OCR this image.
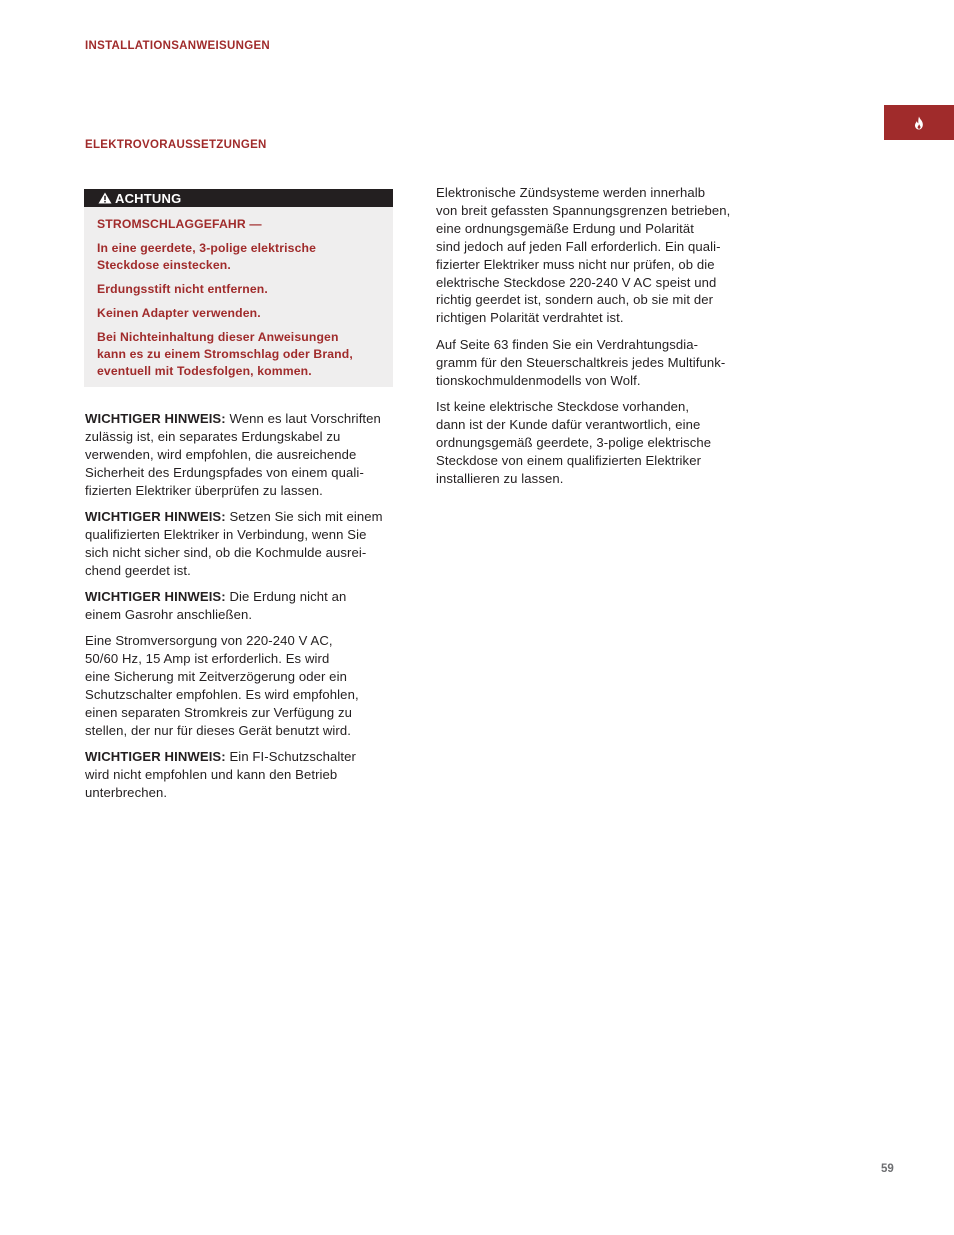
INSTALLATIONSANWEISUNGEN
ELEKTROVORAUSSETZUNGEN
ACHTUNG

STROMSCHLAGGEFAHR —

In eine geerdete, 3-polige elektrische
Steckdose einstecken.

Erdungsstift nicht entfernen.

Keinen Adapter verwenden.

Bei Nichteinhaltung dieser Anweisungen
kann es zu einem Stromschlag oder Brand,
eventuell mit Todesfolgen, kommen.

WICHTIGER HINWEIS: Wenn es laut Vorschriften
zulässig ist, ein separates Erdungskabel zu
verwenden, wird empfohlen, die ausreichende
Sicherheit des Erdungspfades von einem quali-
fizierten Elektriker überprüfen zu lassen.

WICHTIGER HINWEIS: Setzen Sie sich mit einem
qualifizierten Elektriker in Verbindung, wenn Sie
sich nicht sicher sind, ob die Kochmulde ausrei-
chend geerdet ist.

WICHTIGER HINWEIS: Die Erdung nicht an
einem Gasrohr anschließen.

Eine Stromversorgung von 220-240 V AC,
50/60 Hz, 15 Amp ist erforderlich. Es wird
eine Sicherung mit Zeitverzögerung oder ein
Schutzschalter empfohlen. Es wird empfohlen,
einen separaten Stromkreis zur Verfügung zu
stellen, der nur für dieses Gerät benutzt wird.

WICHTIGER HINWEIS: Ein FI-Schutzschalter
wird nicht empfohlen und kann den Betrieb
unterbrechen.

Elektronische Zündsysteme werden innerhalb
von breit gefassten Spannungsgrenzen betrieben,
eine ordnungsgemäße Erdung und Polarität
sind jedoch auf jeden Fall erforderlich. Ein quali-
fizierter Elektriker muss nicht nur prüfen, ob die
elektrische Steckdose 220-240 V AC speist und
richtig geerdet ist, sondern auch, ob sie mit der
richtigen Polarität verdrahtet ist.

Auf Seite 63 finden Sie ein Verdrahtungsdia-
gramm für den Steuerschaltkreis jedes Multifunk-
tionskochmuldenmodells von Wolf.

Ist keine elektrische Steckdose vorhanden,
dann ist der Kunde dafür verantwortlich, eine
ordnungsgemäß geerdete, 3-polige elektrische
Steckdose von einem qualifizierten Elektriker
installieren zu lassen.

59
